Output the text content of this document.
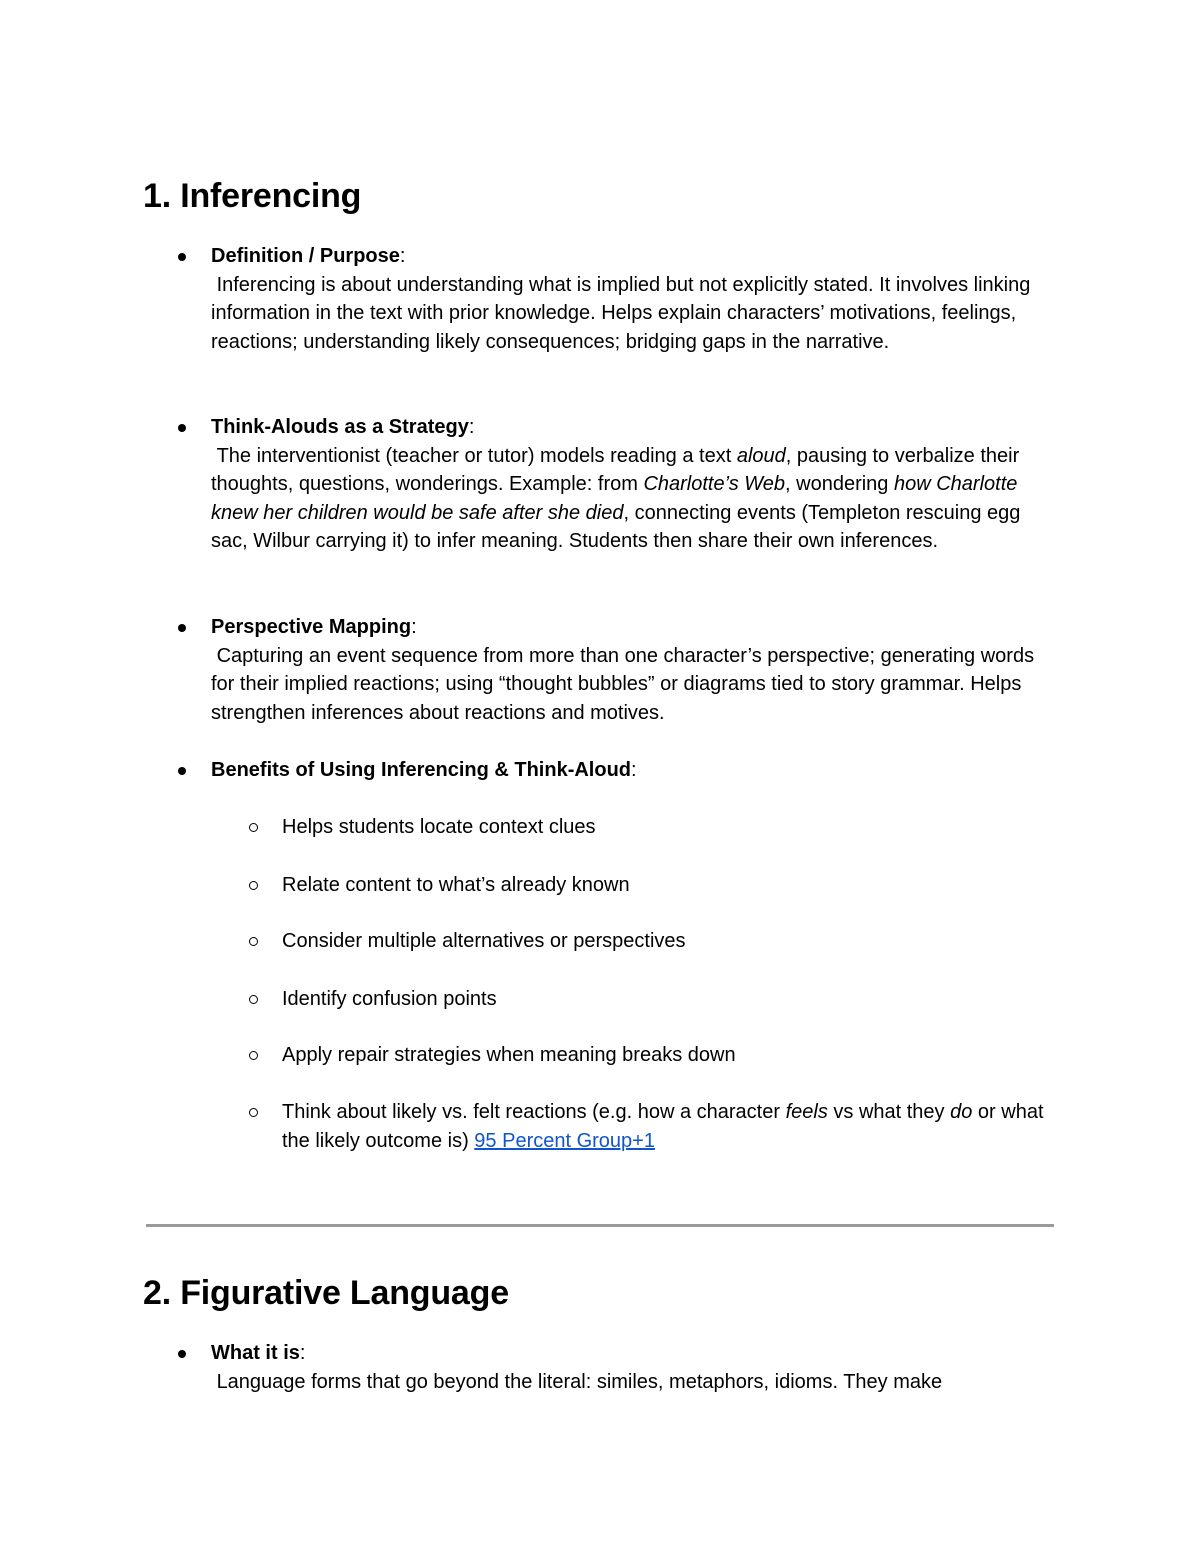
1. Inferencing
Definition / Purpose:
Inferencing is about understanding what is implied but not explicitly stated. It involves linking information in the text with prior knowledge. Helps explain characters’ motivations, feelings, reactions; understanding likely consequences; bridging gaps in the narrative.
Think-Alouds as a Strategy:
The interventionist (teacher or tutor) models reading a text aloud, pausing to verbalize their thoughts, questions, wonderings. Example: from Charlotte’s Web, wondering how Charlotte knew her children would be safe after she died, connecting events (Templeton rescuing egg sac, Wilbur carrying it) to infer meaning. Students then share their own inferences.
Perspective Mapping:
Capturing an event sequence from more than one character’s perspective; generating words for their implied reactions; using “thought bubbles” or diagrams tied to story grammar. Helps strengthen inferences about reactions and motives.
Benefits of Using Inferencing & Think-Aloud:
Helps students locate context clues
Relate content to what’s already known
Consider multiple alternatives or perspectives
Identify confusion points
Apply repair strategies when meaning breaks down
Think about likely vs. felt reactions (e.g. how a character feels vs what they do or what the likely outcome is) 95 Percent Group+1
2. Figurative Language
What it is:
Language forms that go beyond the literal: similes, metaphors, idioms. They make
